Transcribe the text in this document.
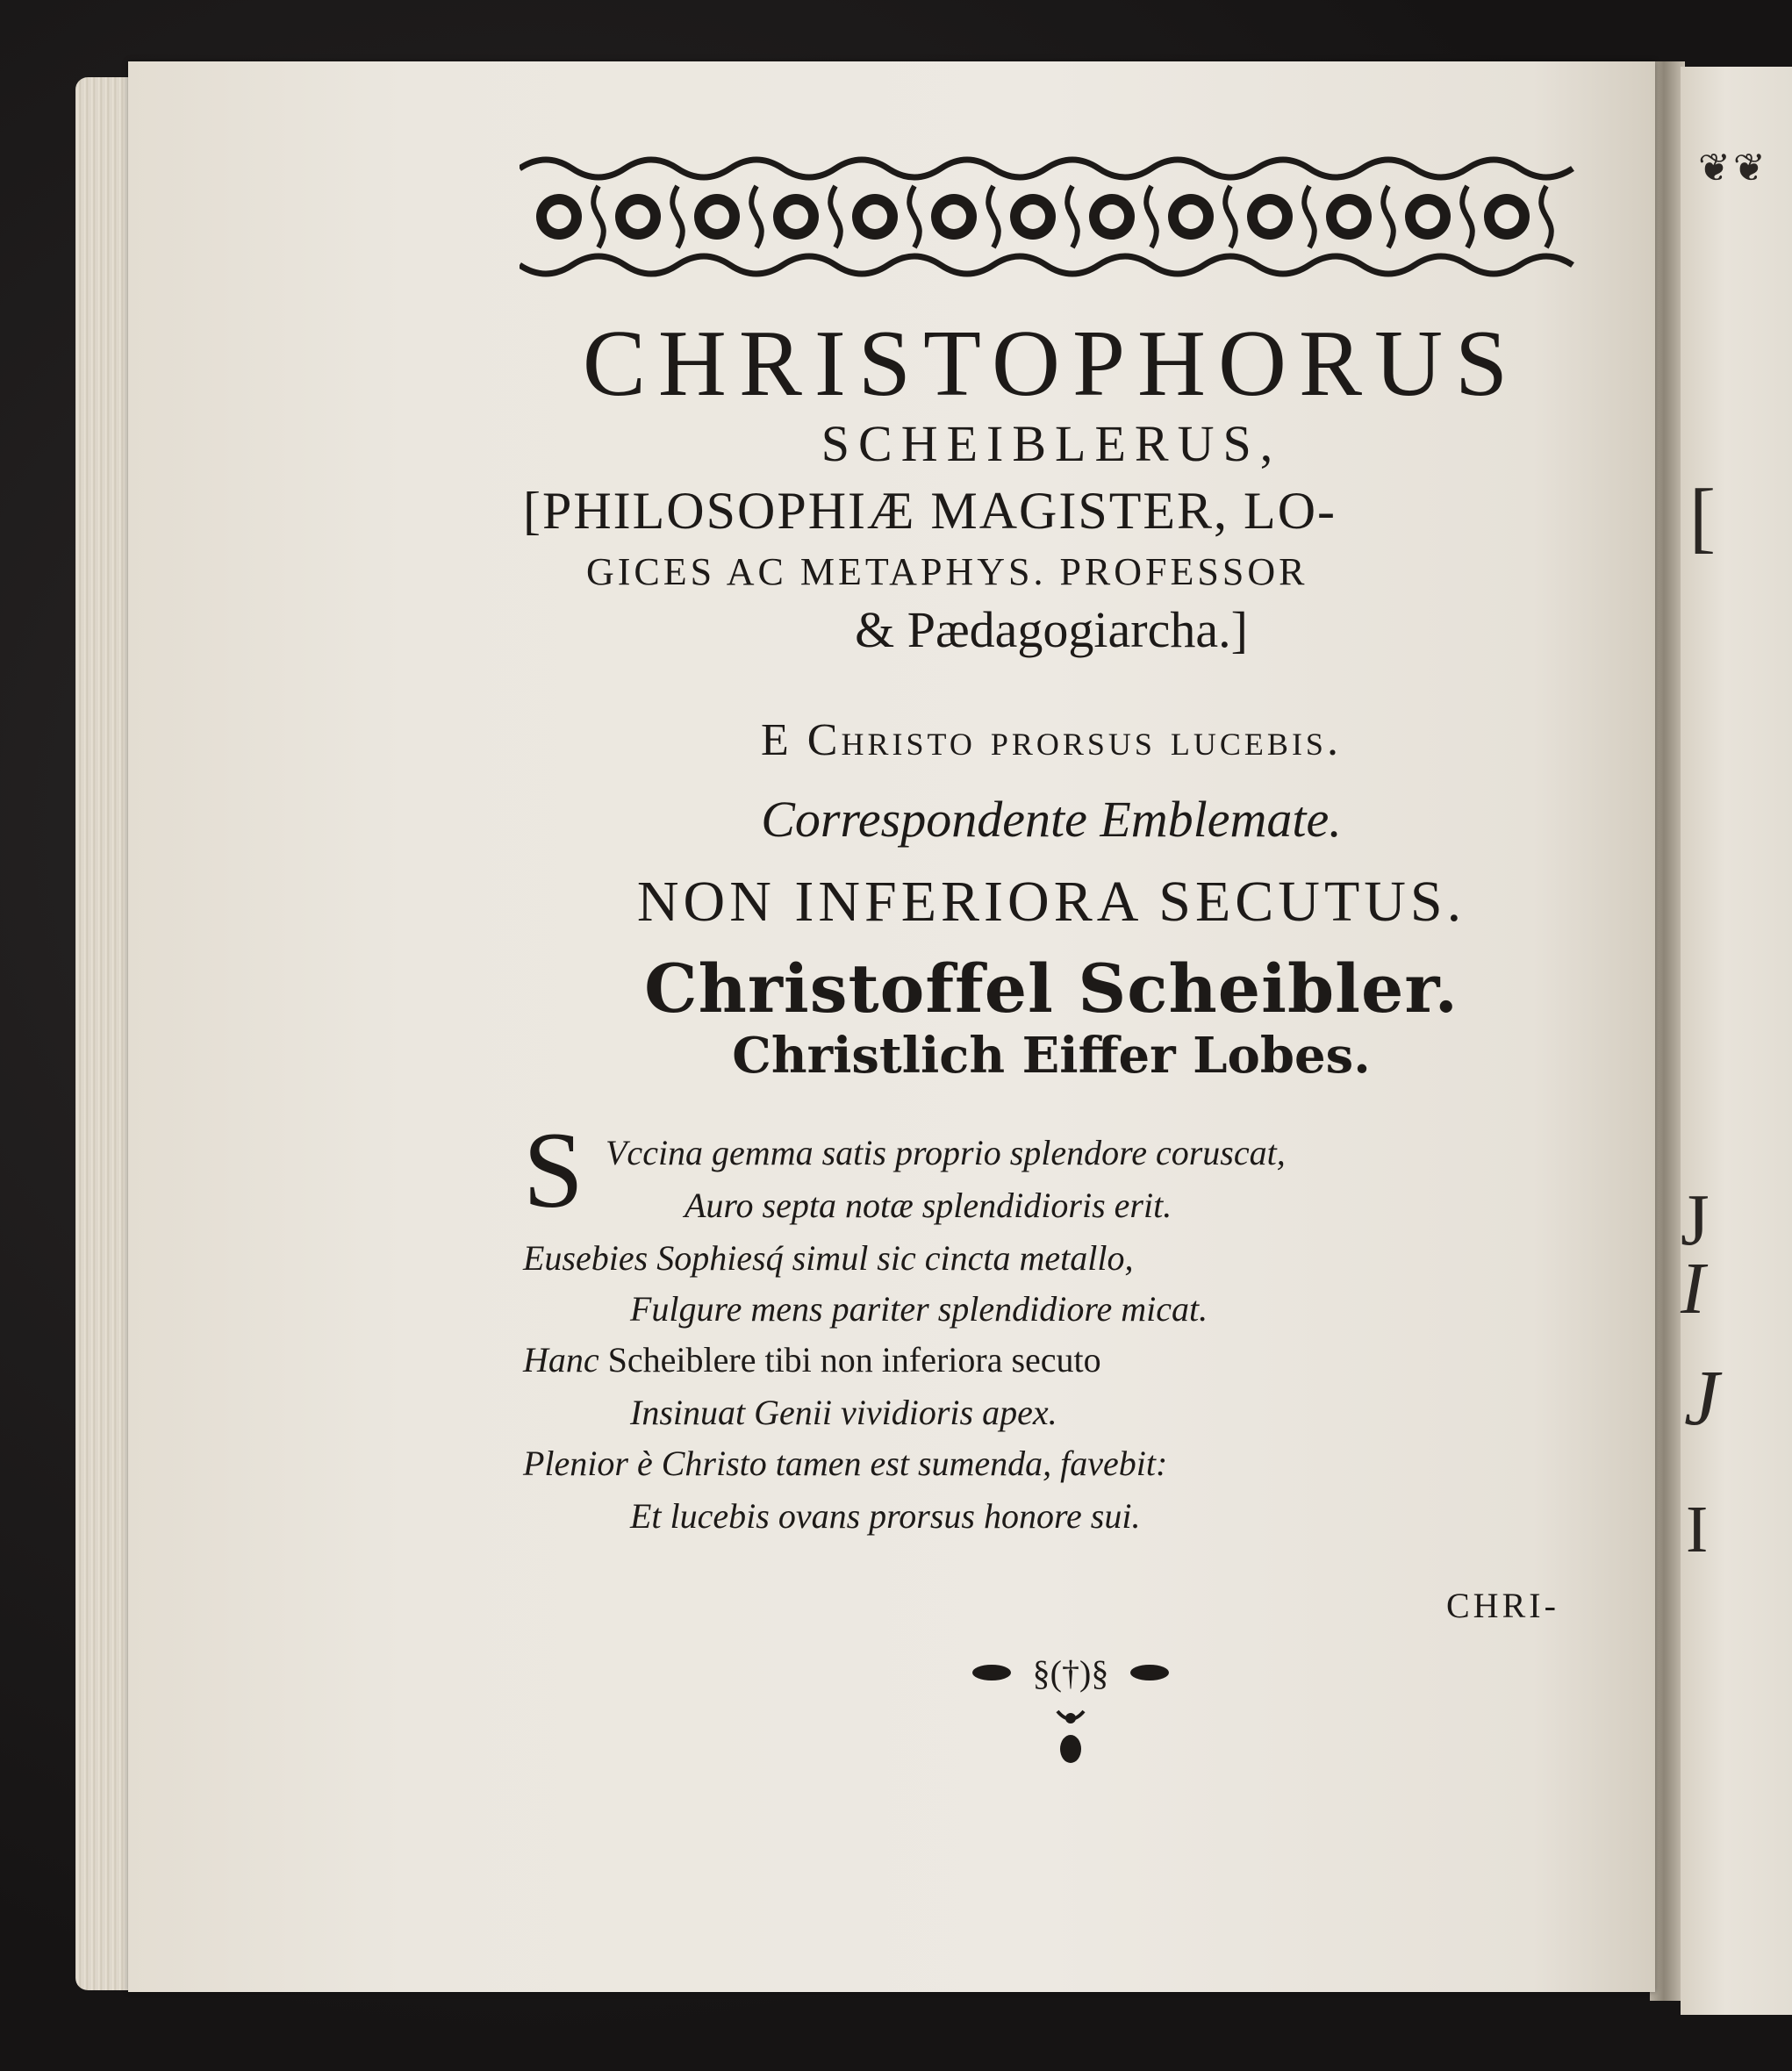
❦❦
[
J
I
J
I
CHRISTOPHORUS
SCHEIBLERUS,
[PHILOSOPHIÆ MAGISTER, LO-
GICES AC METAPHYS. PROFESSOR
& Pædagogiarcha.]
E Christo prorsus lucebis.
Correspondente Emblemate.
NON INFERIORA SECUTUS.
Christoffel Scheibler.
Christlich Eiffer Lobes.
S Vccina gemma satis proprio splendore coruscat,
Auro septa notæ splendidioris erit.
Eusebies Sophiesq́ simul sic cincta metallo,
Fulgure mens pariter splendidiore micat.
Hanc Scheiblere tibi non inferiora secuto
Insinuat Genii vividioris apex.
Plenior è Christo tamen est sumenda, favebit:
Et lucebis ovans prorsus honore sui.
CHRI-
§(†)§
